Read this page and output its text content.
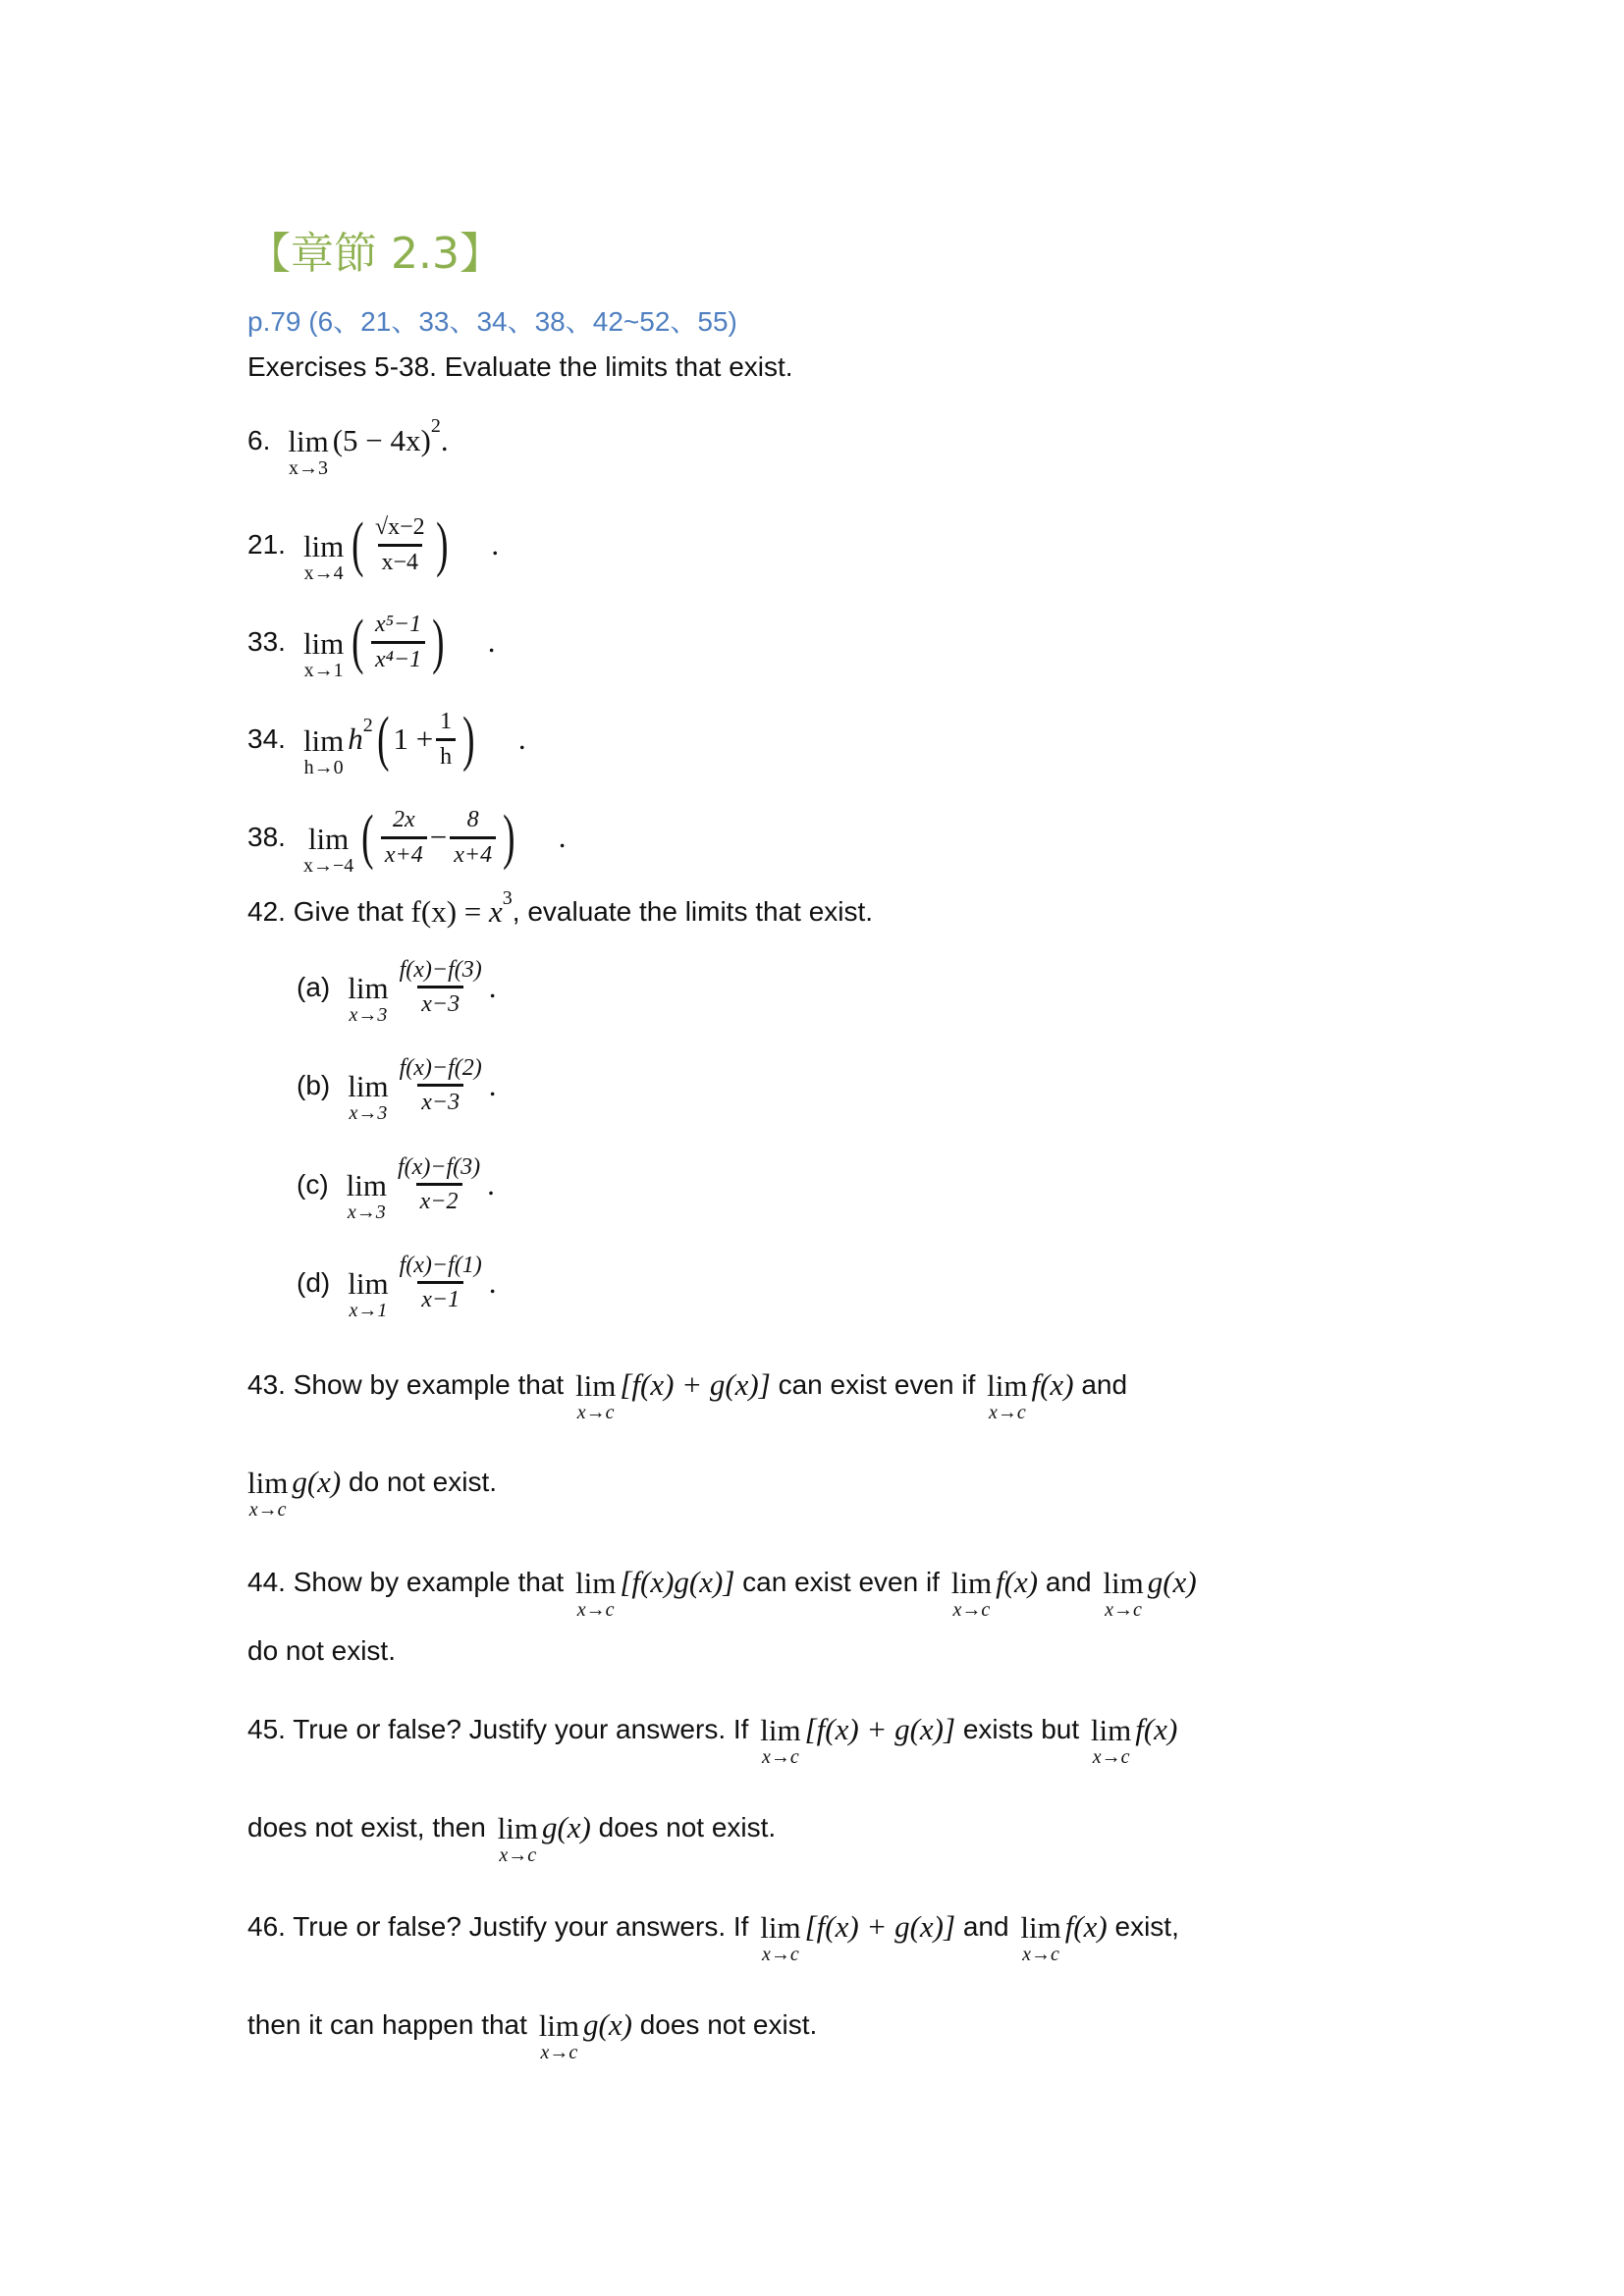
【章節 2.3】
p.79 (6、21、33、34、38、42~52、55)
Exercises 5-38. Evaluate the limits that exist.
6. lim
x→3
(5 − 4x) 2 .
21. lim
x→4 ( $\frac{√x-2}{x-4}$ ) .
33. lim
x→1 ( $\frac{\text{x⁵−1}}{\text{x⁴−1}}$ ) .
34. lim
h→0
h 2 ( $1 + \frac{1}{h}$ ) .
38. lim
x→−4 ( $\frac{2x}{x+4} - \frac{8}{x+4}$ ) .
42. Give that
f(x) =
x 3 , evaluate the limits that exist.
(a) lim
$x\to 3 \frac{f(x)-f(3)}{x-3}$ .
(b) lim
$x\to 3 \frac{f(x)-f(2)}{x-3}$ .
(c) lim
$x\to 3 \frac{f(x)-f(3)}{x-2}$ .
(d) lim
$x\to 1 \frac{f(x)-f(1)}{x-1}$ .
43. Show by example that
lim
x→c
[f(x) + g(x)]
can exist even if
lim
x→c
f(x)
and
lim
x→c
g(x)
do not exist.
44. Show by example that
lim
x→c
[f(x)g(x)]
can exist even if
lim
x→c
f(x)
and
lim
x→c
g(x)
do not exist.
45. True or false? Justify your answers. If
lim
x→c
[f(x) + g(x)]
exists but
lim
x→c
f(x)
does not exist, then
lim
x→c
g(x)
does not exist.
46. True or false? Justify your answers. If
lim
x→c
[f(x) + g(x)]
and
lim
x→c
f(x)
exist,
then it can happen that
lim
x→c
g(x)
does not exist.
